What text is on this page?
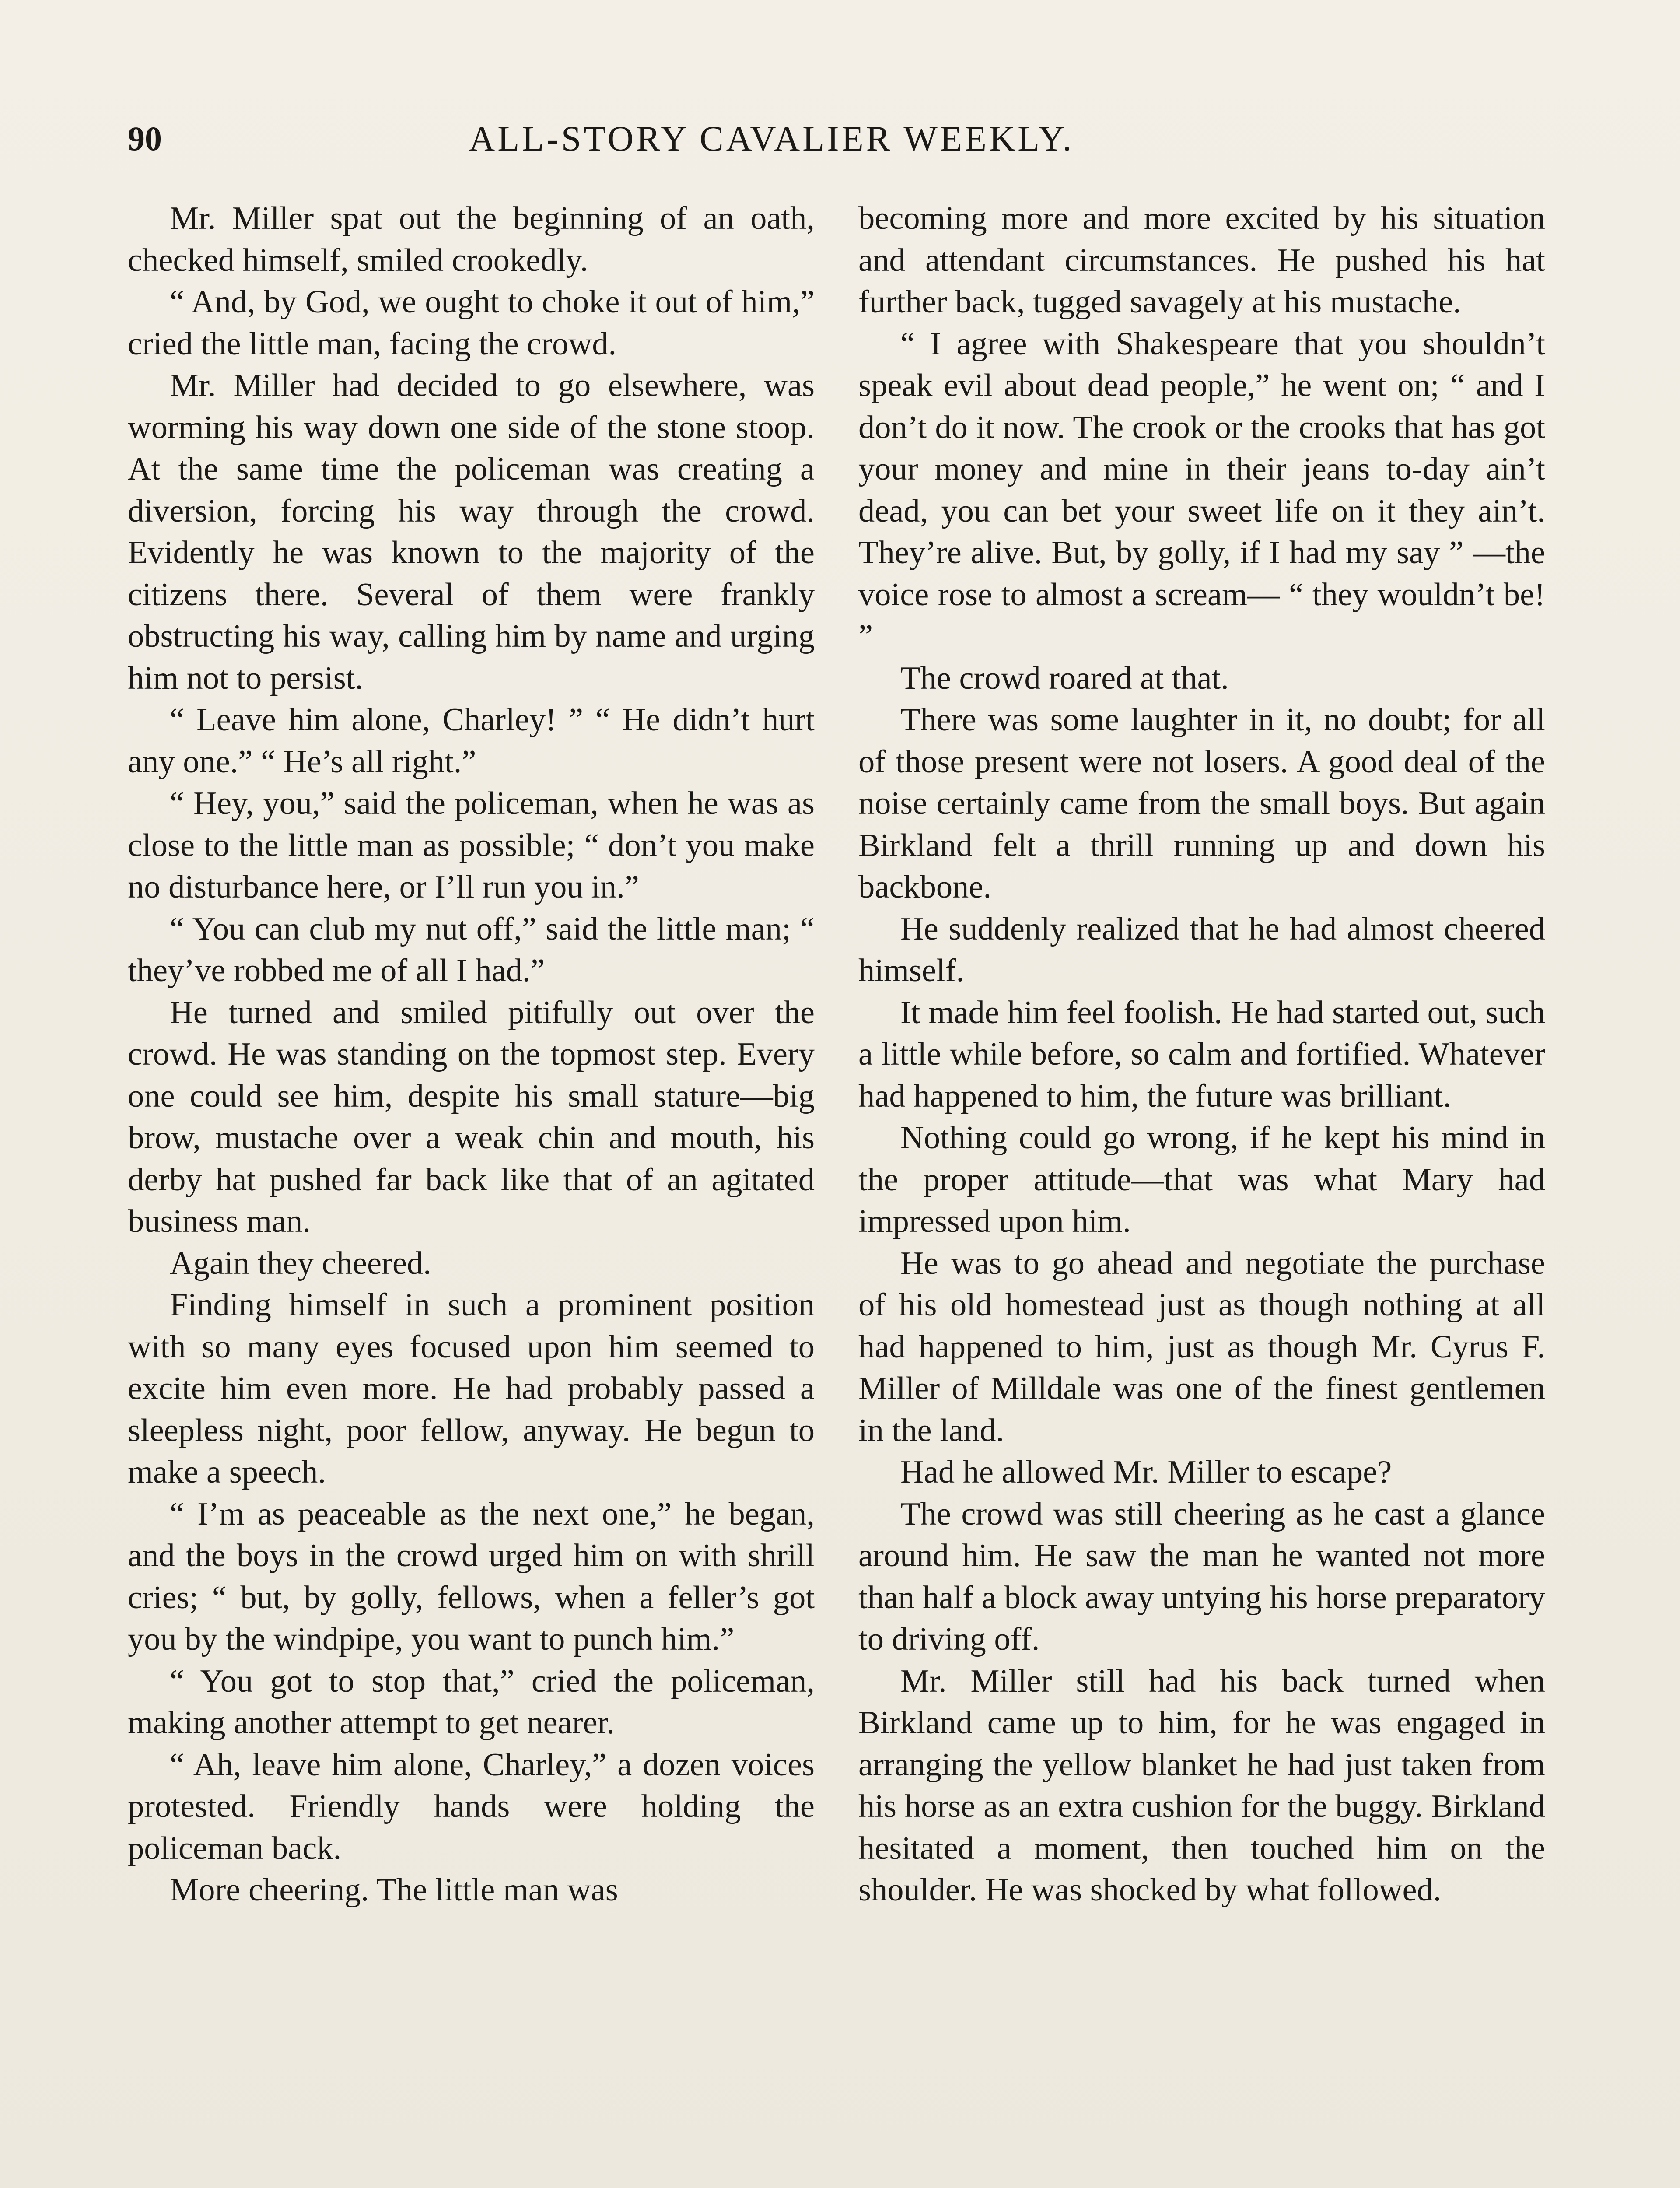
90	ALL-STORY CAVALIER WEEKLY.

Mr. Miller spat out the beginning of an oath, checked himself, smiled crookedly.

“ And, by God, we ought to choke it out of him,” cried the little man, facing the crowd.

Mr. Miller had decided to go elsewhere, was worming his way down one side of the stone stoop. At the same time the policeman was creating a diversion, forcing his way through the crowd. Evidently he was known to the majority of the citizens there. Several of them were frankly obstructing his way, calling him by name and urging him not to persist.

“ Leave him alone, Charley! ” “ He didn’t hurt any one.” “ He’s all right.”

“ Hey, you,” said the policeman, when he was as close to the little man as possible; “ don’t you make no disturbance here, or I’ll run you in.”

“ You can club my nut off,” said the little man; “ they’ve robbed me of all I had.”

He turned and smiled pitifully out over the crowd. He was standing on the topmost step. Every one could see him, despite his small stature—big brow, mustache over a weak chin and mouth, his derby hat pushed far back like that of an agitated business man.

Again they cheered.

Finding himself in such a prominent position with so many eyes focused upon him seemed to excite him even more. He had probably passed a sleepless night, poor fellow, anyway. He begun to make a speech.

“ I’m as peaceable as the next one,” he began, and the boys in the crowd urged him on with shrill cries; “ but, by golly, fellows, when a feller’s got you by the windpipe, you want to punch him.”

“ You got to stop that,” cried the policeman, making another attempt to get nearer.

“ Ah, leave him alone, Charley,” a dozen voices protested. Friendly hands were holding the policeman back.

More cheering. The little man was

becoming more and more excited by his situation and attendant circumstances. He pushed his hat further back, tugged savagely at his mustache.

“ I agree with Shakespeare that you shouldn’t speak evil about dead people,” he went on; “ and I don’t do it now. The crook or the crooks that has got your money and mine in their jeans to-day ain’t dead, you can bet your sweet life on it they ain’t. They’re alive. But, by golly, if I had my say ” —the voice rose to almost a scream— “ they wouldn’t be! ”

The crowd roared at that.

There was some laughter in it, no doubt; for all of those present were not losers. A good deal of the noise certainly came from the small boys. But again Birkland felt a thrill running up and down his backbone.

He suddenly realized that he had almost cheered himself.

It made him feel foolish. He had started out, such a little while before, so calm and fortified. Whatever had happened to him, the future was brilliant.

Nothing could go wrong, if he kept his mind in the proper attitude—that was what Mary had impressed upon him.

He was to go ahead and negotiate the purchase of his old homestead just as though nothing at all had happened to him, just as though Mr. Cyrus F. Miller of Milldale was one of the finest gentlemen in the land.

Had he allowed Mr. Miller to escape?

The crowd was still cheering as he cast a glance around him. He saw the man he wanted not more than half a block away untying his horse preparatory to driving off.

Mr. Miller still had his back turned when Birkland came up to him, for he was engaged in arranging the yellow blanket he had just taken from his horse as an extra cushion for the buggy. Birkland hesitated a moment, then touched him on the shoulder. He was shocked by what followed.
